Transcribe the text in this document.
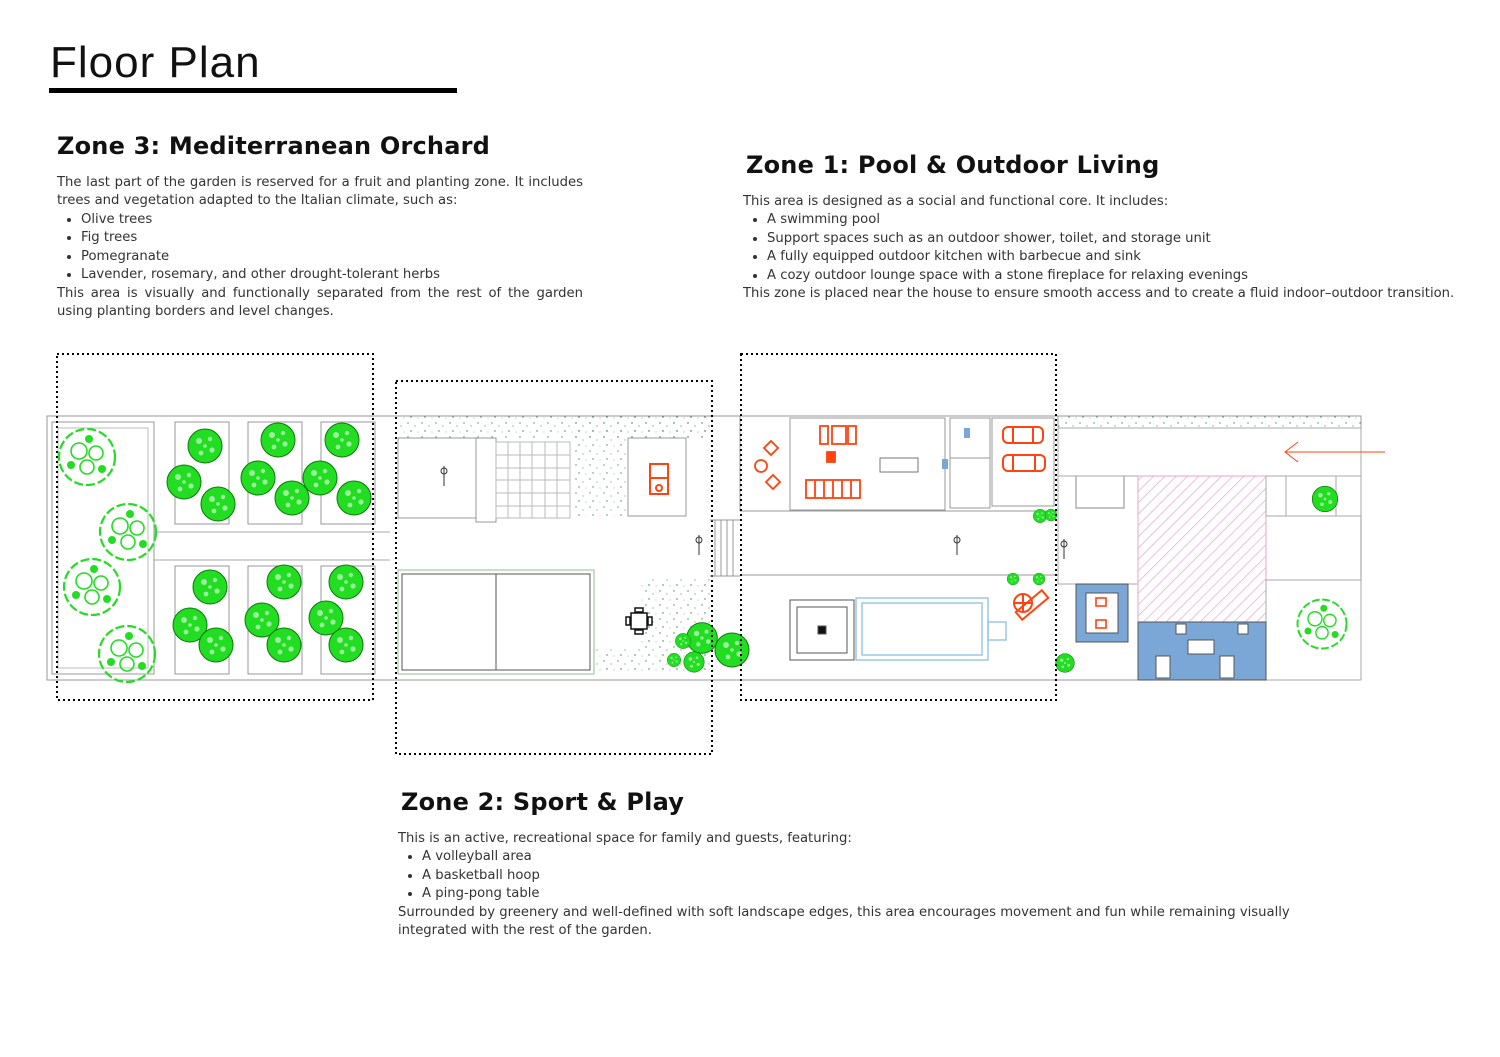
Floor Plan
Zone 3: Mediterranean Orchard

The last part of the garden is reserved for a fruit and planting zone. It includes trees and vegetation adapted to the Italian climate, such as:

• Olive trees
• Fig trees
• Pomegranate
• Lavender, rosemary, and other drought-tolerant herbs

This area is visually and functionally separated from the rest of the garden using planting borders and level changes.

Zone 1: Pool & Outdoor Living

This area is designed as a social and functional core. It includes:

• A swimming pool
• Support spaces such as an outdoor shower, toilet, and storage unit
• A fully equipped outdoor kitchen with barbecue and sink
• A cozy outdoor lounge space with a stone fireplace for relaxing evenings

This zone is placed near the house to ensure smooth access and to create a fluid indoor–outdoor transition.

Zone 2: Sport & Play

This is an active, recreational space for family and guests, featuring:

• A volleyball area
• A basketball hoop
• A ping-pong table

Surrounded by greenery and well-defined with soft landscape edges, this area encourages movement and fun while remaining visually integrated with the rest of the garden.
